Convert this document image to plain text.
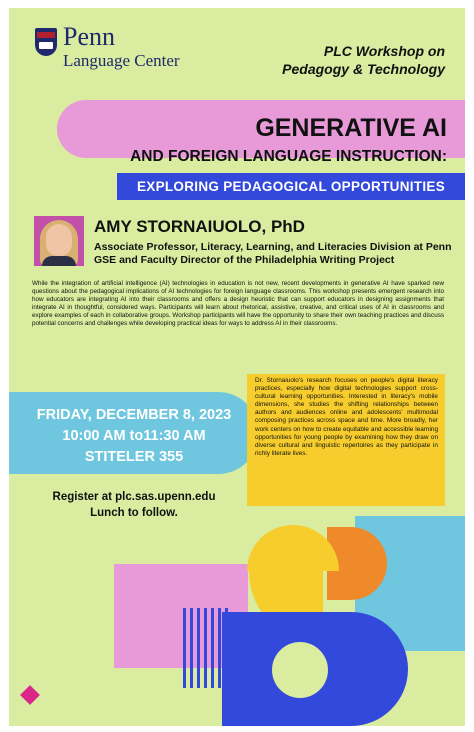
Penn
Language Center	PLC Workshop on
Pedagogy & Technology
GENERATIVE AI
AND FOREIGN LANGUAGE INSTRUCTION:
EXPLORING PEDAGOGICAL OPPORTUNITIES
AMY STORNAIUOLO, PhD
Associate Professor, Literacy, Learning, and Literacies Division at Penn GSE and Faculty Director of the Philadelphia Writing Project
While the integration of artificial intelligence (AI) technologies in education is not new, recent developments in generative AI have sparked new questions about the pedagogical implications of AI technologies for foreign language classrooms. This workshop presents emergent research into how educators are integrating AI into their classrooms and offers a design heuristic that can support educators in designing assignments that integrate AI in thoughtful, considered ways. Participants will learn about rhetorical, assistive, creative, and critical uses of AI in classrooms and explore examples of each in collaborative groups. Workshop participants will have the opportunity to share their own teaching practices and discuss potential concerns and challenges while developing practical ideas for ways to address AI in their classrooms.
FRIDAY, DECEMBER 8, 2023
10:00 AM to11:30 AM
STITELER 355
Dr. Stornaiuolo's research focuses on people's digital literacy practices, especially how digital technologies support cross-cultural learning opportunities. Interested in literacy's mobile dimensions, she studies the shifting relationships between authors and audiences online and adolescents' multimodal composing practices across space and time. More broadly, her work centers on how to create equitable and accessible learning opportunities for young people by examining how they draw on diverse cultural and linguistic repertoires as they participate in richly literate lives.
Register at plc.sas.upenn.edu
Lunch to follow.
